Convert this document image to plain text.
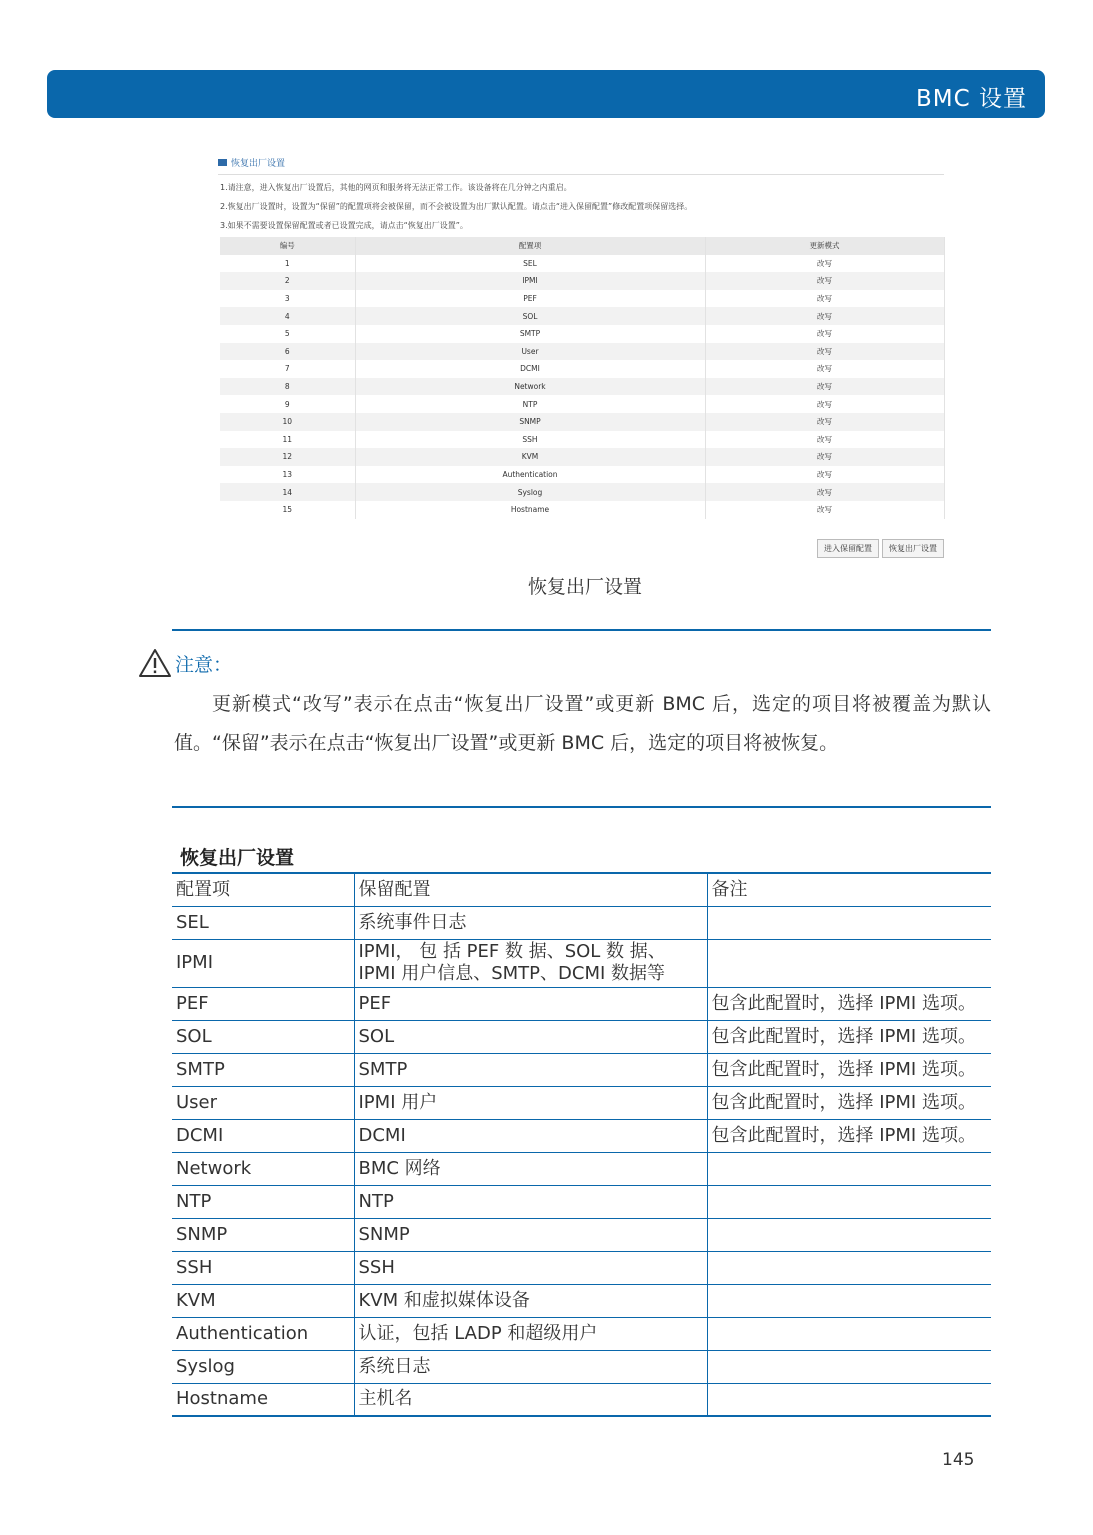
BMC 设置
恢复出厂设置
1.请注意，进入恢复出厂设置后，其他的网页和服务将无法正常工作。该设备将在几分钟之内重启。
2.恢复出厂设置时，设置为“保留”的配置项将会被保留，而不会被设置为出厂默认配置。请点击“进入保留配置”修改配置项保留选择。
3.如果不需要设置保留配置或者已设置完成，请点击“恢复出厂设置”。
编号	配置项	更新模式
1	SEL	改写
2	IPMI	改写
3	PEF	改写
4	SOL	改写
5	SMTP	改写
6	User	改写
7	DCMI	改写
8	Network	改写
9	NTP	改写
10	SNMP	改写
11	SSH	改写
12	KVM	改写
13	Authentication	改写
14	Syslog	改写
15	Hostname	改写
进入保留配置	恢复出厂设置
恢复出厂设置
注意：
更新模式“改写”表示在点击“恢复出厂设置”或更新 BMC 后，选定的项目将被覆盖为默认值。“保留”表示在点击“恢复出厂设置”或更新 BMC 后，选定的项目将被恢复。
恢复出厂设置
配置项	保留配置	备注
SEL	系统事件日志	
IPMI	IPMI， 包 括 PEF 数 据、SOL 数 据、IPMI 用户信息、SMTP、DCMI 数据等	
PEF	PEF	包含此配置时，选择 IPMI 选项。
SOL	SOL	包含此配置时，选择 IPMI 选项。
SMTP	SMTP	包含此配置时，选择 IPMI 选项。
User	IPMI 用户	包含此配置时，选择 IPMI 选项。
DCMI	DCMI	包含此配置时，选择 IPMI 选项。
Network	BMC 网络	
NTP	NTP	
SNMP	SNMP	
SSH	SSH	
KVM	KVM 和虚拟媒体设备	
Authentication	认证，包括 LADP 和超级用户	
Syslog	系统日志	
Hostname	主机名	
145
